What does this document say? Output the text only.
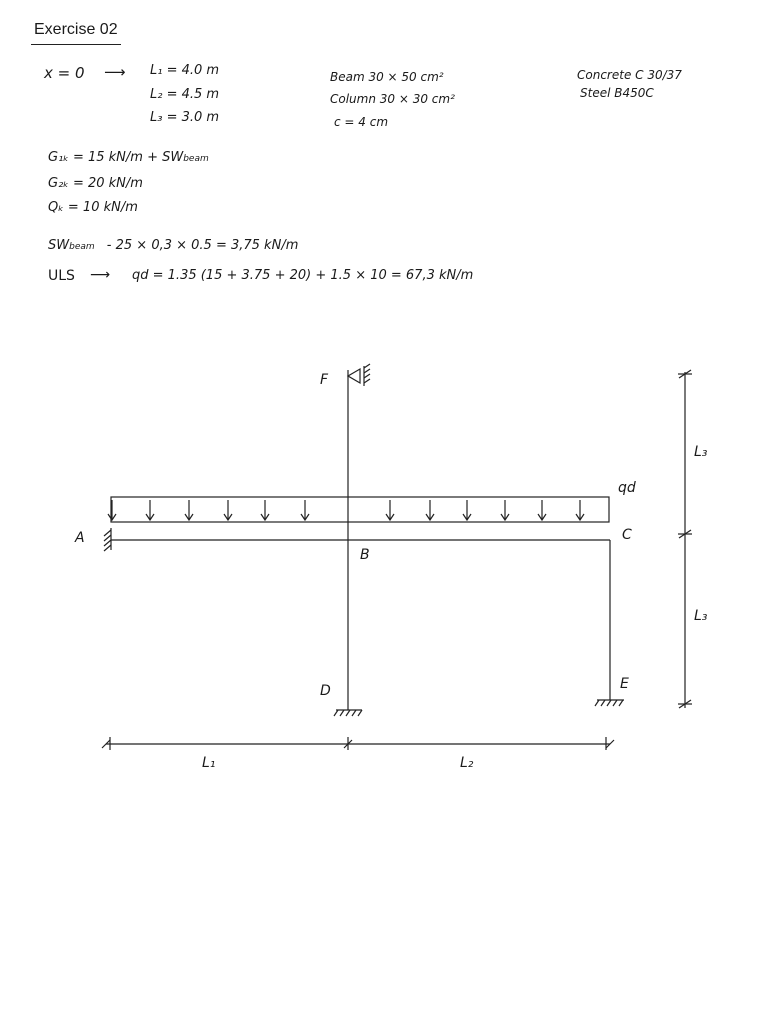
Exercise 02
x = 0 ⟶ L₁ = 4.0 m
L₂ = 4.5 m
L₃ = 3.0 m
Beam 30 × 50 cm²
Column 30 × 30 cm²
c = 4 cm
Concrete C 30/37
Steel B450C
G₁ₖ = 15 kN/m + SWbeam
G₂ₖ = 20 kN/m
Qₖ = 10 kN/m
SWbeam - 25 × 0,3 × 0.5 = 3,75 kN/m
ULS ⟶ qd = 1.35 (15 + 3.75 + 20) + 1.5 × 10 = 67,3 kN/m
A
B
C
D	E
F
qd
L₁	L₂
L₃
L₃
